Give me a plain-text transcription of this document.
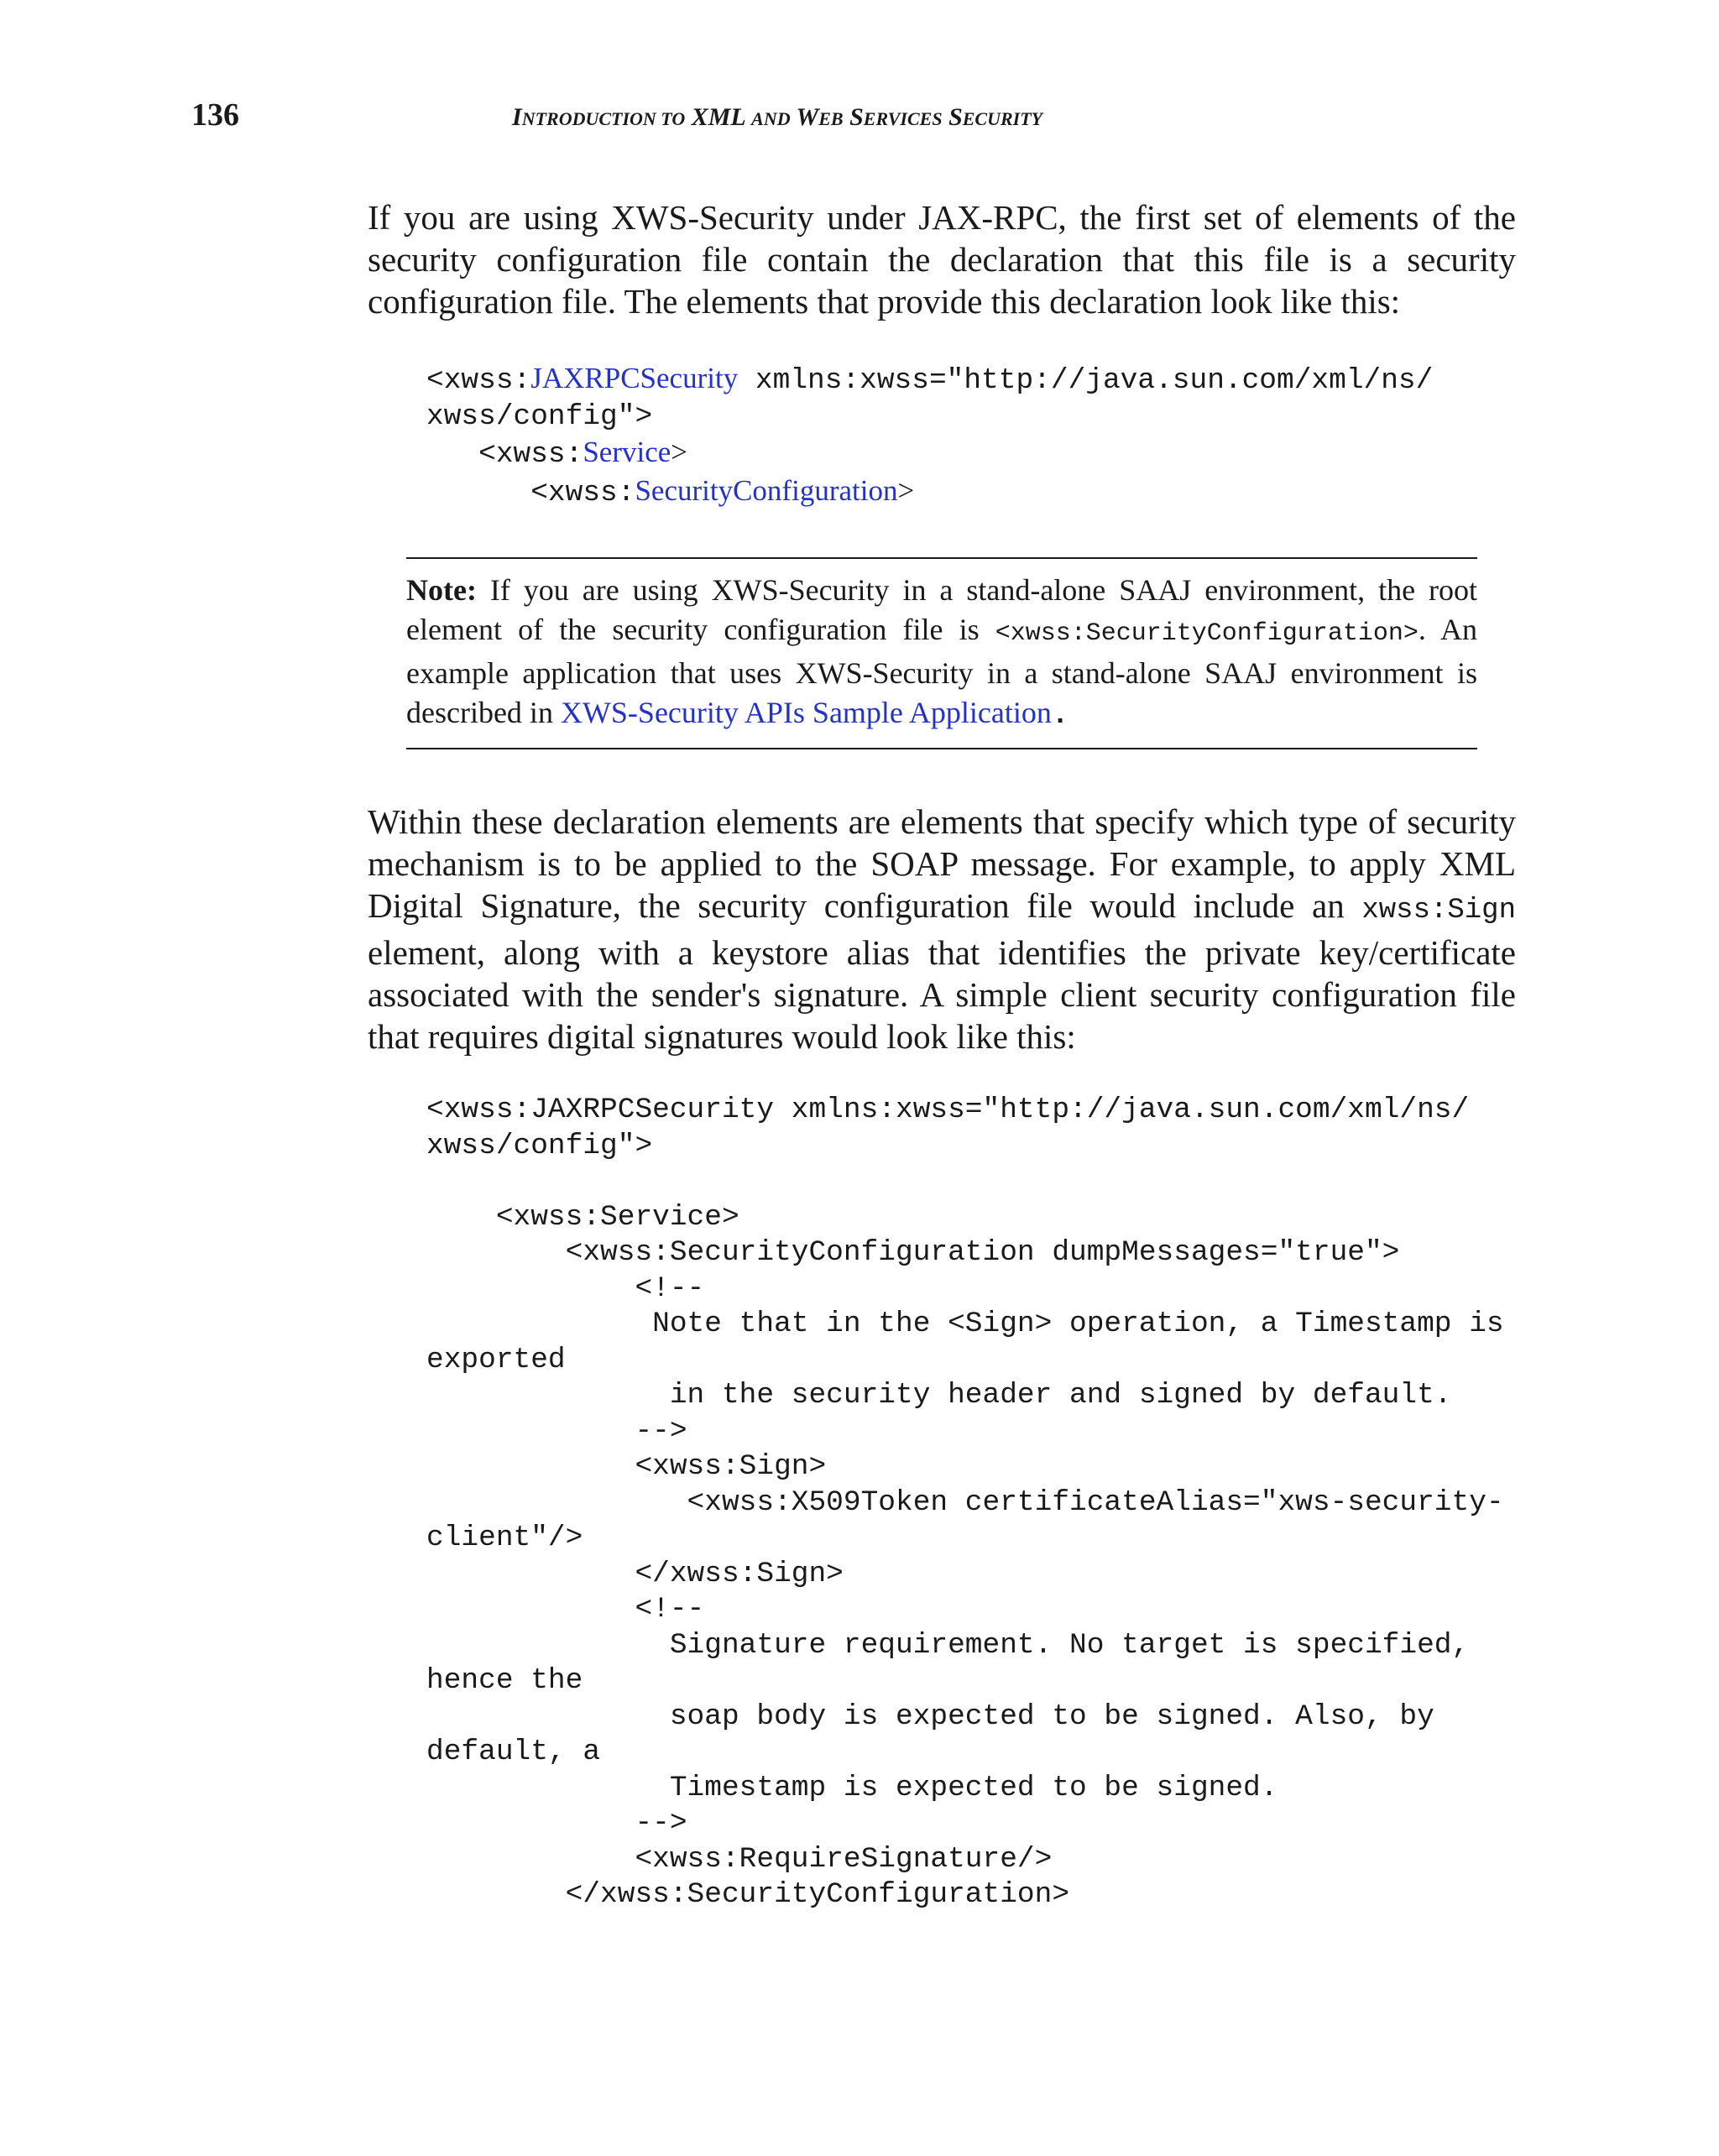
136	INTRODUCTION TO XML AND WEB SERVICES SECURITY
If you are using XWS-Security under JAX-RPC, the first set of elements of the security configuration file contain the declaration that this file is a security configuration file. The elements that provide this declaration look like this:
<xwss:JAXRPCSecurity xmlns:xwss="http://java.sun.com/xml/ns/
xwss/config">
<xwss:Service>
<xwss:SecurityConfiguration>
Note: If you are using XWS-Security in a stand-alone SAAJ environment, the root element of the security configuration file is <xwss:SecurityConfiguration>. An example application that uses XWS-Security in a stand-alone SAAJ environment is described in XWS-Security APIs Sample Application.
Within these declaration elements are elements that specify which type of security mechanism is to be applied to the SOAP message. For example, to apply XML Digital Signature, the security configuration file would include an xwss:Sign element, along with a keystore alias that identifies the private key/certificate associated with the sender's signature. A simple client security configuration file that requires digital signatures would look like this:
<xwss:JAXRPCSecurity xmlns:xwss="http://java.sun.com/xml/ns/
xwss/config">

<xwss:Service>
<xwss:SecurityConfiguration dumpMessages="true">
<!--
Note that in the <Sign> operation, a Timestamp is
exported
in the security header and signed by default.
-->
<xwss:Sign>
<xwss:X509Token certificateAlias="xws-security-
client"/>
</xwss:Sign>
<!--
Signature requirement. No target is specified,
hence the
soap body is expected to be signed. Also, by
default, a
Timestamp is expected to be signed.
-->
<xwss:RequireSignature/>
</xwss:SecurityConfiguration>
